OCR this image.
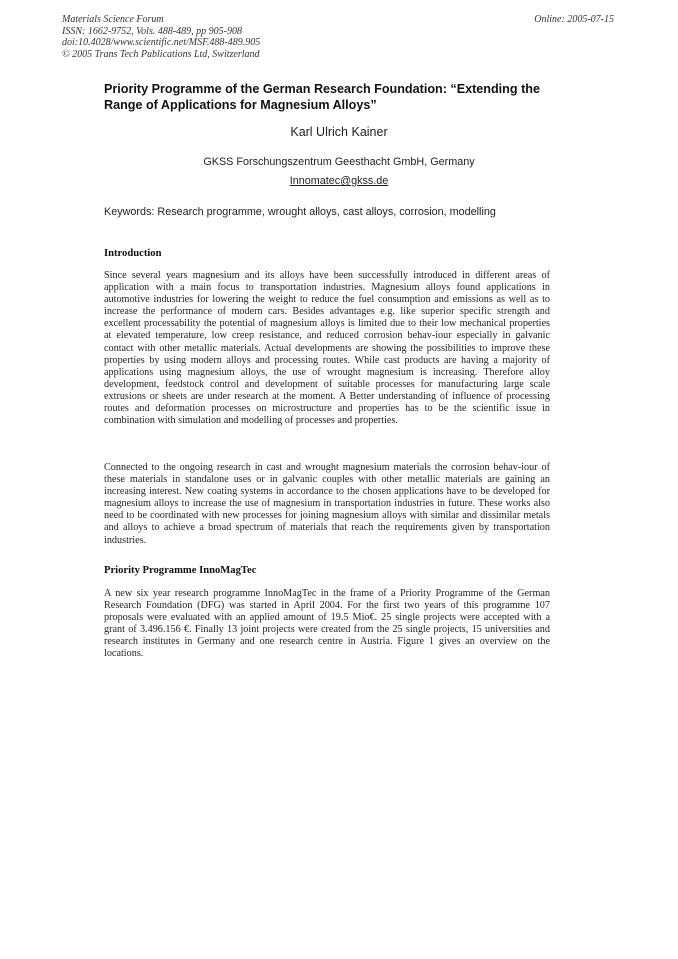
Materials Science Forum
ISSN: 1662-9752, Vols. 488-489, pp 905-908
doi:10.4028/www.scientific.net/MSF.488-489.905
© 2005 Trans Tech Publications Ltd, Switzerland
Online: 2005-07-15
Priority Programme of the German Research Foundation: “Extending the Range of Applications for Magnesium Alloys”
Karl Ulrich Kainer
GKSS Forschungszentrum Geesthacht GmbH, Germany
Innomatec@gkss.de
Keywords: Research programme, wrought alloys, cast alloys, corrosion, modelling
Introduction
Since several years magnesium and its alloys have been successfully introduced in different areas of application with a main focus to transportation industries. Magnesium alloys found applications in automotive industries for lowering the weight to reduce the fuel consumption and emissions as well as to increase the performance of modern cars. Besides advantages e.g. like superior specific strength and excellent processability the potential of magnesium alloys is limited due to their low mechanical properties at elevated temperature, low creep resistance, and reduced corrosion behav-iour especially in galvanic contact with other metallic materials. Actual developments are showing the possibilities to improve these properties by using modern alloys and processing routes. While cast products are having a majority of applications using magnesium alloys, the use of wrought magnesium is increasing. Therefore alloy development, feedstock control and development of suitable processes for manufacturing large scale extrusions or sheets are under research at the moment. A Better understanding of influence of processing routes and deformation processes on microstructure and properties has to be the scientific issue in combination with simulation and modelling of processes and properties.
Connected to the ongoing research in cast and wrought magnesium materials the corrosion behav-iour of these materials in standalone uses or in galvanic couples with other metallic materials are gaining an increasing interest. New coating systems in accordance to the chosen applications have to be developed for magnesium alloys to increase the use of magnesium in transportation industries in future. These works also need to be coordinated with new processes for joining magnesium alloys with similar and dissimilar metals and alloys to achieve a broad spectrum of materials that reach the requirements given by transportation industries.
Priority Programme InnoMagTec
A new six year research programme InnoMagTec in the frame of a Priority Programme of the German Research Foundation (DFG) was started in April 2004. For the first two years of this programme 107 proposals were evaluated with an applied amount of 19.5 Mio€. 25 single projects were accepted with a grant of 3.496.156 €. Finally 13 joint projects were created from the 25 single projects, 15 universities and research institutes in Germany and one research centre in Austria. Figure 1 gives an overview on the locations.
